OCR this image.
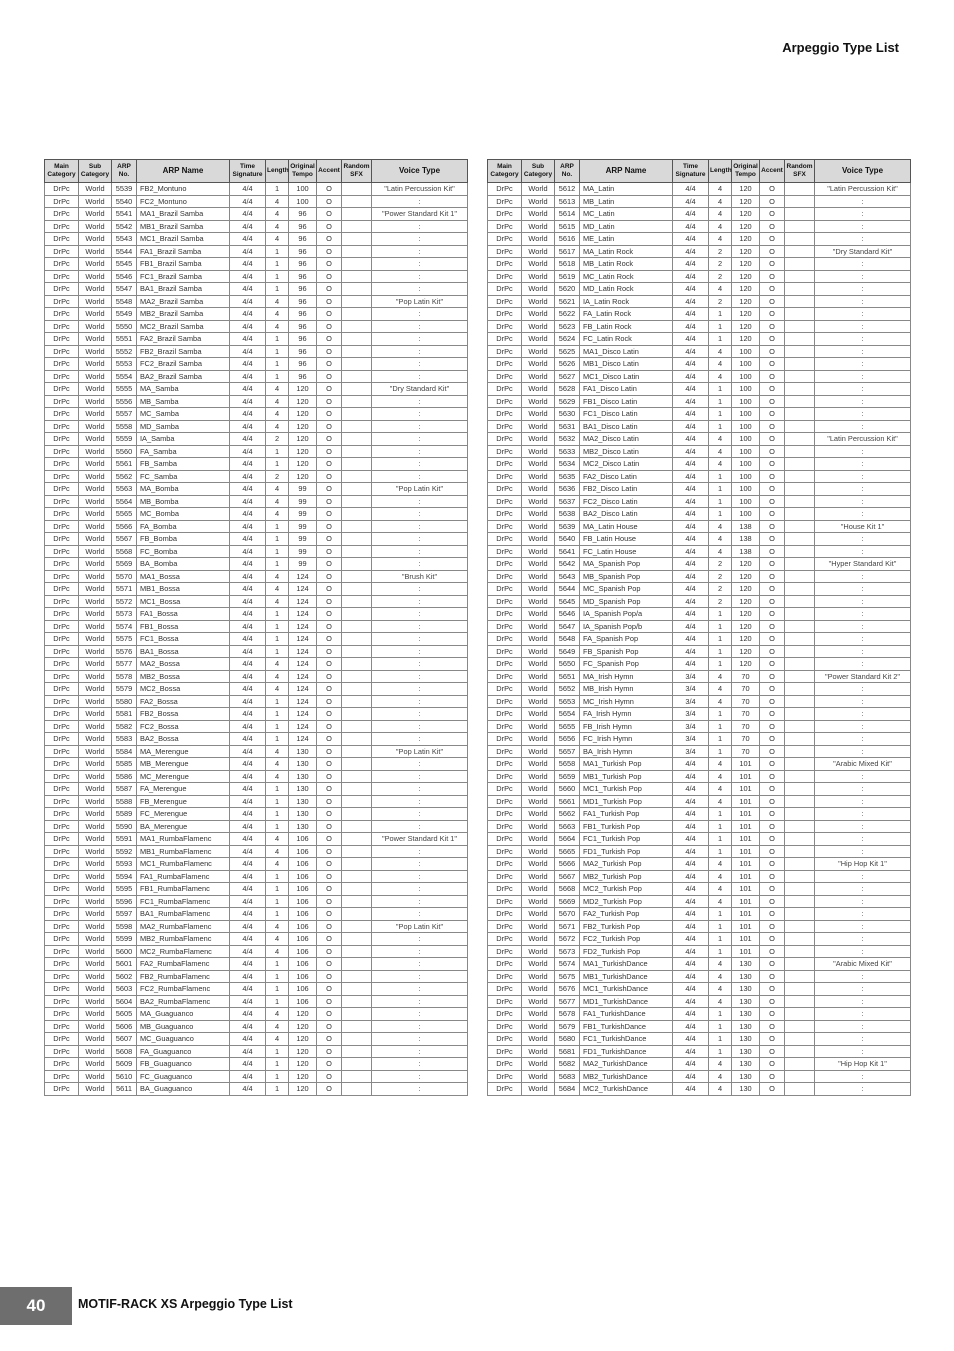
Arpeggio Type List
Main Category	Sub Category	ARP No.	ARP Name	Time Signature	Length	Original Tempo	Accent	Random SFX	Voice Type
DrPc	World	5539	FB2_Montuno	4/4	1	100	O		"Latin Percussion Kit"
DrPc	World	5540	FC2_Montuno	4/4	4	100	O		:
DrPc	World	5541	MA1_Brazil Samba	4/4	4	96	O		"Power Standard Kit 1"
DrPc	World	5542	MB1_Brazil Samba	4/4	4	96	O		:
DrPc	World	5543	MC1_Brazil Samba	4/4	4	96	O		:
DrPc	World	5544	FA1_Brazil Samba	4/4	1	96	O		:
DrPc	World	5545	FB1_Brazil Samba	4/4	1	96	O		:
DrPc	World	5546	FC1_Brazil Samba	4/4	1	96	O		:
DrPc	World	5547	BA1_Brazil Samba	4/4	1	96	O		:
DrPc	World	5548	MA2_Brazil Samba	4/4	4	96	O		"Pop Latin Kit"
DrPc	World	5549	MB2_Brazil Samba	4/4	4	96	O		:
DrPc	World	5550	MC2_Brazil Samba	4/4	4	96	O		:
DrPc	World	5551	FA2_Brazil Samba	4/4	1	96	O		:
DrPc	World	5552	FB2_Brazil Samba	4/4	1	96	O		:
DrPc	World	5553	FC2_Brazil Samba	4/4	1	96	O		:
DrPc	World	5554	BA2_Brazil Samba	4/4	1	96	O		:
DrPc	World	5555	MA_Samba	4/4	4	120	O		"Dry Standard Kit"
DrPc	World	5556	MB_Samba	4/4	4	120	O		:
DrPc	World	5557	MC_Samba	4/4	4	120	O		:
DrPc	World	5558	MD_Samba	4/4	4	120	O		:
DrPc	World	5559	IA_Samba	4/4	2	120	O		:
DrPc	World	5560	FA_Samba	4/4	1	120	O		:
DrPc	World	5561	FB_Samba	4/4	1	120	O		:
DrPc	World	5562	FC_Samba	4/4	2	120	O		:
DrPc	World	5563	MA_Bomba	4/4	4	99	O		"Pop Latin Kit"
DrPc	World	5564	MB_Bomba	4/4	4	99	O		:
DrPc	World	5565	MC_Bomba	4/4	4	99	O		:
DrPc	World	5566	FA_Bomba	4/4	1	99	O		:
DrPc	World	5567	FB_Bomba	4/4	1	99	O		:
DrPc	World	5568	FC_Bomba	4/4	1	99	O		:
DrPc	World	5569	BA_Bomba	4/4	1	99	O		:
DrPc	World	5570	MA1_Bossa	4/4	4	124	O		"Brush Kit"
DrPc	World	5571	MB1_Bossa	4/4	4	124	O		:
DrPc	World	5572	MC1_Bossa	4/4	4	124	O		:
DrPc	World	5573	FA1_Bossa	4/4	1	124	O		:
DrPc	World	5574	FB1_Bossa	4/4	1	124	O		:
DrPc	World	5575	FC1_Bossa	4/4	1	124	O		:
DrPc	World	5576	BA1_Bossa	4/4	1	124	O		:
DrPc	World	5577	MA2_Bossa	4/4	4	124	O		:
DrPc	World	5578	MB2_Bossa	4/4	4	124	O		:
DrPc	World	5579	MC2_Bossa	4/4	4	124	O		:
DrPc	World	5580	FA2_Bossa	4/4	1	124	O		:
DrPc	World	5581	FB2_Bossa	4/4	1	124	O		:
DrPc	World	5582	FC2_Bossa	4/4	1	124	O		:
DrPc	World	5583	BA2_Bossa	4/4	1	124	O		:
DrPc	World	5584	MA_Merengue	4/4	4	130	O		"Pop Latin Kit"
DrPc	World	5585	MB_Merengue	4/4	4	130	O		:
DrPc	World	5586	MC_Merengue	4/4	4	130	O		:
DrPc	World	5587	FA_Merengue	4/4	1	130	O		:
DrPc	World	5588	FB_Merengue	4/4	1	130	O		:
DrPc	World	5589	FC_Merengue	4/4	1	130	O		:
DrPc	World	5590	BA_Merengue	4/4	1	130	O		:
DrPc	World	5591	MA1_RumbaFlamenc	4/4	4	106	O		"Power Standard Kit 1"
DrPc	World	5592	MB1_RumbaFlamenc	4/4	4	106	O		:
DrPc	World	5593	MC1_RumbaFlamenc	4/4	4	106	O		:
DrPc	World	5594	FA1_RumbaFlamenc	4/4	1	106	O		:
DrPc	World	5595	FB1_RumbaFlamenc	4/4	1	106	O		:
DrPc	World	5596	FC1_RumbaFlamenc	4/4	1	106	O		:
DrPc	World	5597	BA1_RumbaFlamenc	4/4	1	106	O		:
DrPc	World	5598	MA2_RumbaFlamenc	4/4	4	106	O		"Pop Latin Kit"
DrPc	World	5599	MB2_RumbaFlamenc	4/4	4	106	O		:
DrPc	World	5600	MC2_RumbaFlamenc	4/4	4	106	O		:
DrPc	World	5601	FA2_RumbaFlamenc	4/4	1	106	O		:
DrPc	World	5602	FB2_RumbaFlamenc	4/4	1	106	O		:
DrPc	World	5603	FC2_RumbaFlamenc	4/4	1	106	O		:
DrPc	World	5604	BA2_RumbaFlamenc	4/4	1	106	O		:
DrPc	World	5605	MA_Guaguanco	4/4	4	120	O		:
DrPc	World	5606	MB_Guaguanco	4/4	4	120	O		:
DrPc	World	5607	MC_Guaguanco	4/4	4	120	O		:
DrPc	World	5608	FA_Guaguanco	4/4	1	120	O		:
DrPc	World	5609	FB_Guaguanco	4/4	1	120	O		:
DrPc	World	5610	FC_Guaguanco	4/4	1	120	O		:
DrPc	World	5611	BA_Guaguanco	4/4	1	120	O		:
Main Category	Sub Category	ARP No.	ARP Name	Time Signature	Length	Original Tempo	Accent	Random SFX	Voice Type
DrPc	World	5612	MA_Latin	4/4	4	120	O		"Latin Percussion Kit"
DrPc	World	5613	MB_Latin	4/4	4	120	O		:
DrPc	World	5614	MC_Latin	4/4	4	120	O		:
DrPc	World	5615	MD_Latin	4/4	4	120	O		:
DrPc	World	5616	ME_Latin	4/4	4	120	O		:
DrPc	World	5617	MA_Latin Rock	4/4	2	120	O		"Dry Standard Kit"
DrPc	World	5618	MB_Latin Rock	4/4	2	120	O		:
DrPc	World	5619	MC_Latin Rock	4/4	2	120	O		:
DrPc	World	5620	MD_Latin Rock	4/4	4	120	O		:
DrPc	World	5621	IA_Latin Rock	4/4	2	120	O		:
DrPc	World	5622	FA_Latin Rock	4/4	1	120	O		:
DrPc	World	5623	FB_Latin Rock	4/4	1	120	O		:
DrPc	World	5624	FC_Latin Rock	4/4	1	120	O		:
DrPc	World	5625	MA1_Disco Latin	4/4	4	100	O		:
DrPc	World	5626	MB1_Disco Latin	4/4	4	100	O		:
DrPc	World	5627	MC1_Disco Latin	4/4	4	100	O		:
DrPc	World	5628	FA1_Disco Latin	4/4	1	100	O		:
DrPc	World	5629	FB1_Disco Latin	4/4	1	100	O		:
DrPc	World	5630	FC1_Disco Latin	4/4	1	100	O		:
DrPc	World	5631	BA1_Disco Latin	4/4	1	100	O		:
DrPc	World	5632	MA2_Disco Latin	4/4	4	100	O		"Latin Percussion Kit"
DrPc	World	5633	MB2_Disco Latin	4/4	4	100	O		:
DrPc	World	5634	MC2_Disco Latin	4/4	4	100	O		:
DrPc	World	5635	FA2_Disco Latin	4/4	1	100	O		:
DrPc	World	5636	FB2_Disco Latin	4/4	1	100	O		:
DrPc	World	5637	FC2_Disco Latin	4/4	1	100	O		:
DrPc	World	5638	BA2_Disco Latin	4/4	1	100	O		:
DrPc	World	5639	MA_Latin House	4/4	4	138	O		"House Kit 1"
DrPc	World	5640	FB_Latin House	4/4	4	138	O		:
DrPc	World	5641	FC_Latin House	4/4	4	138	O		:
DrPc	World	5642	MA_Spanish Pop	4/4	2	120	O		"Hyper Standard Kit"
DrPc	World	5643	MB_Spanish Pop	4/4	2	120	O		:
DrPc	World	5644	MC_Spanish Pop	4/4	2	120	O		:
DrPc	World	5645	MD_Spanish Pop	4/4	2	120	O		:
DrPc	World	5646	IA_Spanish Pop/a	4/4	1	120	O		:
DrPc	World	5647	IA_Spanish Pop/b	4/4	1	120	O		:
DrPc	World	5648	FA_Spanish Pop	4/4	1	120	O		:
DrPc	World	5649	FB_Spanish Pop	4/4	1	120	O		:
DrPc	World	5650	FC_Spanish Pop	4/4	1	120	O		:
DrPc	World	5651	MA_Irish Hymn	3/4	4	70	O		"Power Standard Kit 2"
DrPc	World	5652	MB_Irish Hymn	3/4	4	70	O		:
DrPc	World	5653	MC_Irish Hymn	3/4	4	70	O		:
DrPc	World	5654	FA_Irish Hymn	3/4	1	70	O		:
DrPc	World	5655	FB_Irish Hymn	3/4	1	70	O		:
DrPc	World	5656	FC_Irish Hymn	3/4	1	70	O		:
DrPc	World	5657	BA_Irish Hymn	3/4	1	70	O		:
DrPc	World	5658	MA1_Turkish Pop	4/4	4	101	O		"Arabic Mixed Kit"
DrPc	World	5659	MB1_Turkish Pop	4/4	4	101	O		:
DrPc	World	5660	MC1_Turkish Pop	4/4	4	101	O		:
DrPc	World	5661	MD1_Turkish Pop	4/4	4	101	O		:
DrPc	World	5662	FA1_Turkish Pop	4/4	1	101	O		:
DrPc	World	5663	FB1_Turkish Pop	4/4	1	101	O		:
DrPc	World	5664	FC1_Turkish Pop	4/4	1	101	O		:
DrPc	World	5665	FD1_Turkish Pop	4/4	1	101	O		:
DrPc	World	5666	MA2_Turkish Pop	4/4	4	101	O		"Hip Hop Kit 1"
DrPc	World	5667	MB2_Turkish Pop	4/4	4	101	O		:
DrPc	World	5668	MC2_Turkish Pop	4/4	4	101	O		:
DrPc	World	5669	MD2_Turkish Pop	4/4	4	101	O		:
DrPc	World	5670	FA2_Turkish Pop	4/4	1	101	O		:
DrPc	World	5671	FB2_Turkish Pop	4/4	1	101	O		:
DrPc	World	5672	FC2_Turkish Pop	4/4	1	101	O		:
DrPc	World	5673	FD2_Turkish Pop	4/4	1	101	O		:
DrPc	World	5674	MA1_TurkishDance	4/4	4	130	O		"Arabic Mixed Kit"
DrPc	World	5675	MB1_TurkishDance	4/4	4	130	O		:
DrPc	World	5676	MC1_TurkishDance	4/4	4	130	O		:
DrPc	World	5677	MD1_TurkishDance	4/4	4	130	O		:
DrPc	World	5678	FA1_TurkishDance	4/4	1	130	O		:
DrPc	World	5679	FB1_TurkishDance	4/4	1	130	O		:
DrPc	World	5680	FC1_TurkishDance	4/4	1	130	O		:
DrPc	World	5681	FD1_TurkishDance	4/4	1	130	O		:
DrPc	World	5682	MA2_TurkishDance	4/4	4	130	O		"Hip Hop Kit 1"
DrPc	World	5683	MB2_TurkishDance	4/4	4	130	O		:
DrPc	World	5684	MC2_TurkishDance	4/4	4	130	O		:
40	MOTIF-RACK XS Arpeggio Type List
